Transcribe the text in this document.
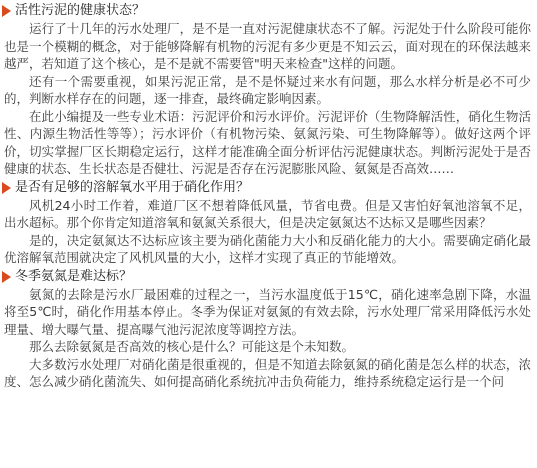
活性污泥的健康状态？

运行了十几年的污水处理厂，是不是一直对污泥健康状态不了解。污泥处于什么阶段可能你也是一个模糊的概念，对于能够降解有机物的污泥有多少更是不知云云，面对现在的环保法越来越严，若知道了这个核心，是不是就不需要管"明天来检查"这样的问题。

还有一个需要重视，如果污泥正常，是不是怀疑过来水有问题，那么水样分析是必不可少的，判断水样存在的问题，逐一排查，最终确定影响因素。

在此小编提及一些专业术语：污泥评价和污水评价。污泥评价（生物降解活性，硝化生物活性、内源生物活性等等）；污水评价（有机物污染、氨氮污染、可生物降解等）。做好这两个评价，切实掌握厂区长期稳定运行，这样才能准确全面分析评估污泥健康状态。判断污泥处于是否健康的状态、生长状态是否健壮、污泥是否存在污泥膨胀风险、氨氮是否高效……

是否有足够的溶解氧水平用于硝化作用？

风机24小时工作着，难道厂区不想着降低风量，节省电费。但是又害怕好氧池溶氧不足，出水超标。那个你肯定知道溶氧和氨氮关系很大，但是决定氨氮达不达标又是哪些因素？

是的，决定氨氮达不达标应该主要为硝化菌能力大小和反硝化能力的大小。需要确定硝化最优溶解氧范围就决定了风机风量的大小，这样才实现了真正的节能增效。

冬季氨氮是难达标？

氨氮的去除是污水厂最困难的过程之一，当污水温度低于15℃，硝化速率急剧下降，水温将至5℃时，硝化作用基本停止。冬季为保证对氨氮的有效去除，污水处理厂常采用降低污水处理量、增大曝气量、提高曝气池污泥浓度等调控方法。

那么去除氨氮是否高效的核心是什么？可能这是个未知数。

大多数污水处理厂对硝化菌是很重视的，但是不知道去除氨氮的硝化菌是怎么样的状态，浓度、怎么减少硝化菌流失、如何提高硝化系统抗冲击负荷能力，维持系统稳定运行是一个问
